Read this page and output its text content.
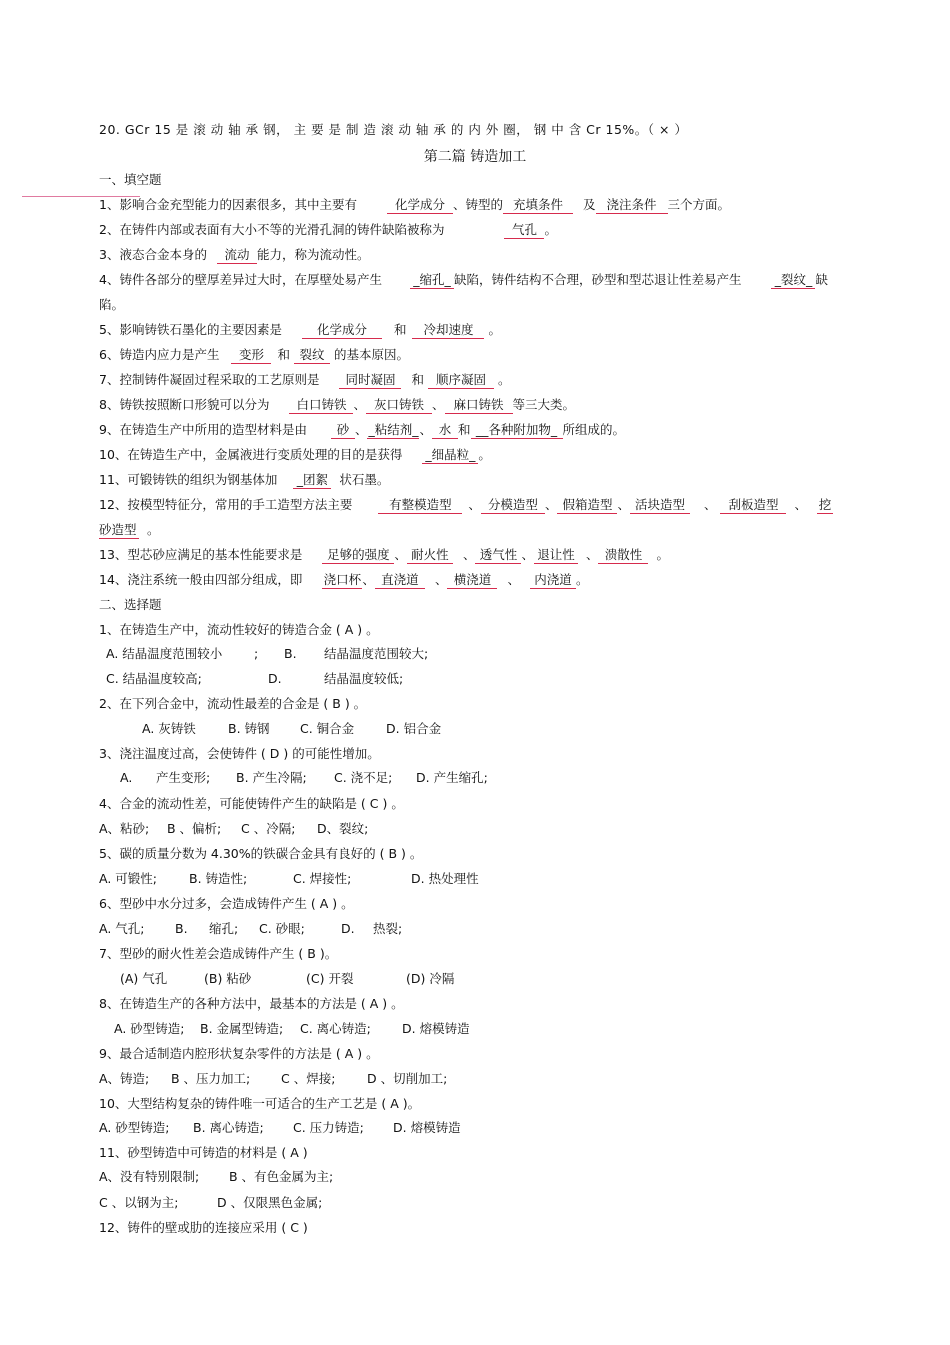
20. GCr 15 是 滚 动 轴 承 钢， 主 要 是 制 造 滚 动 轴 承 的 内 外 圈， 钢 中 含 Cr 15%。（ × ）
第二篇 铸造加工
一、填空题
1、影响合金充型能力的因素很多，其中主要有	化学成分 、铸型的 充填条件 及 浇注条件 三个方面。
2、在铸件内部或表面有大小不等的光滑孔洞的铸件缺陷被称为	气孔 。
3、液态合金本身的 流动 能力，称为流动性。
4、铸件各部分的壁厚差异过大时，在厚壁处易产生 _缩孔_ 缺陷，铸件结构不合理，砂型和型芯退让性差易产生	_裂纹_ 缺
陷。
5、影响铸铁石墨化的主要因素是	化学成分 和 冷却速度 。
6、铸造内应力是产生 变形 和 裂纹 的基本原因。
7、控制铸件凝固过程采取的工艺原则是 同时凝固 和 顺序凝固 。
8、铸铁按照断口形貌可以分为 白口铸铁 、 灰口铸铁 、 麻口铸铁 等三大类。
9、在铸造生产中所用的造型材料是由 砂 、_粘结剂_、 水 和 __各种附加物_ 所组成的。
10、在铸造生产中，金属液进行变质处理的目的是获得 _细晶粒_ 。
11、可锻铸铁的组织为钢基体加 _团絮 状石墨。
12、按模型特征分，常用的手工造型方法主要	有整模造型 、 分模造型 、 假箱造型 、 活块造型 、 刮板造型 、 挖
砂造型 。
13、型芯砂应满足的基本性能要求是 足够的强度 、 耐火性 、 透气性 、 退让性 、 溃散性 。
14、浇注系统一般由四部分组成，即 浇口杯、 直浇道 、 横浇道 、 内浇道 。
二、选择题
1、在铸造生产中，流动性较好的铸造合金 ( A ) 。
A. 结晶温度范围较小	; B. 结晶温度范围较大;
C. 结晶温度较高;	D.	结晶温度较低;
2、在下列合金中，流动性最差的合金是 ( B ) 。
A. 灰铸铁	B. 铸钢 C. 铜合金	D. 铝合金
3、浇注温度过高，会使铸件 ( D ) 的可能性增加。
A. 产生变形; B. 产生冷隔; C. 浇不足; D. 产生缩孔;
4、合金的流动性差，可能使铸件产生的缺陷是 ( C ) 。
A、粘砂; B 、偏析; C 、冷隔; D、裂纹;
5、碳的质量分数为 4.30%的铁碳合金具有良好的 ( B ) 。
A. 可锻性;	B. 铸造性;	C. 焊接性;	D. 热处理性
6、型砂中水分过多，会造成铸件产生 ( A ) 。
A. 气孔; B. 缩孔; C. 砂眼;	D. 热裂;
7、型砂的耐火性差会造成铸件产生 ( B )。
(A) 气孔	(B) 粘砂	(C) 开裂	(D) 冷隔
8、在铸造生产的各种方法中，最基本的方法是 ( A ) 。
A. 砂型铸造; B. 金属型铸造; C. 离心铸造; D. 熔模铸造
9、最合适制造内腔形状复杂零件的方法是 ( A ) 。
A、铸造; B 、压力加工; C 、焊接;	D 、切削加工;
10、大型结构复杂的铸件唯一可适合的生产工艺是 ( A )。
A. 砂型铸造; B. 离心铸造; C. 压力铸造; D. 熔模铸造
11、砂型铸造中可铸造的材料是 ( A )
A、没有特别限制; B 、有色金属为主;
C 、以钢为主;	D 、仅限黑色金属;
12、铸件的壁或肋的连接应采用 ( C )
